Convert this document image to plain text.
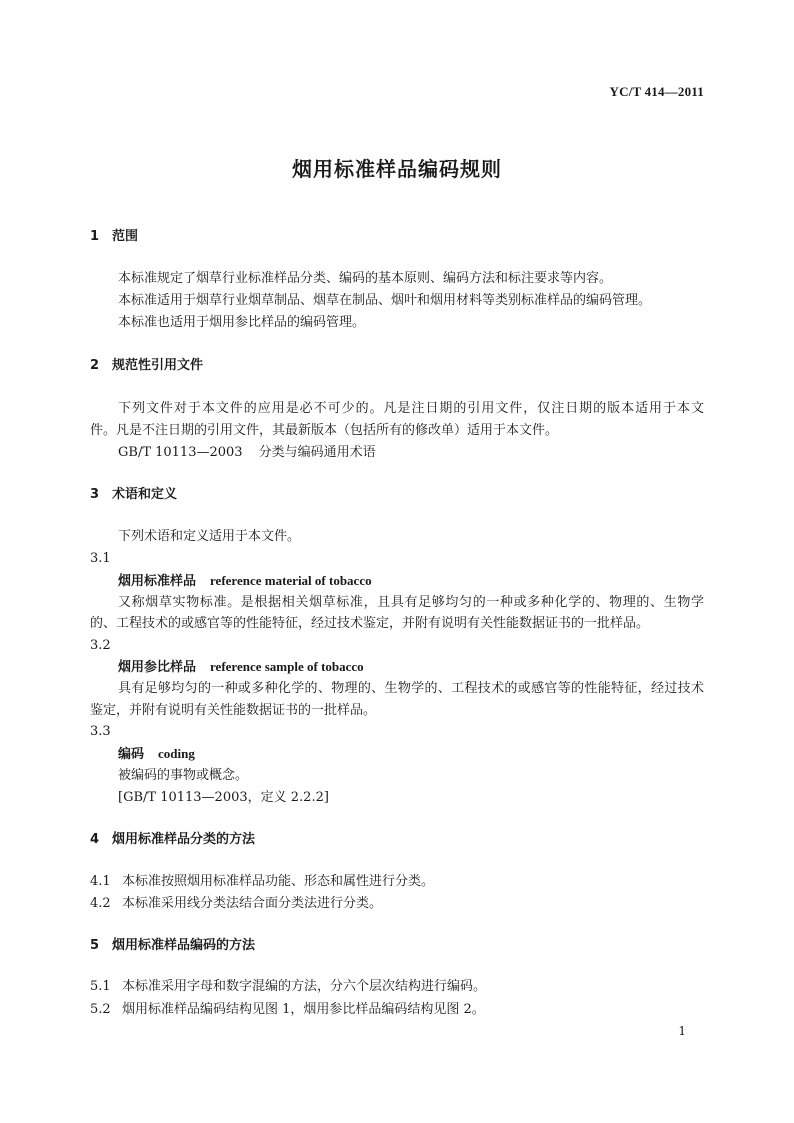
YC/T 414—2011
烟用标准样品编码规则
1 范围
本标准规定了烟草行业标准样品分类、编码的基本原则、编码方法和标注要求等内容。
本标准适用于烟草行业烟草制品、烟草在制品、烟叶和烟用材料等类别标准样品的编码管理。
本标准也适用于烟用参比样品的编码管理。
2 规范性引用文件
下列文件对于本文件的应用是必不可少的。凡是注日期的引用文件，仅注日期的版本适用于本文
件。凡是不注日期的引用文件，其最新版本（包括所有的修改单）适用于本文件。
GB/T 10113—2003 分类与编码通用术语
3 术语和定义
下列术语和定义适用于本文件。
3.1
烟用标准样品 reference material of tobacco
又称烟草实物标准。是根据相关烟草标准，且具有足够均匀的一种或多种化学的、物理的、生物学
的、工程技术的或感官等的性能特征，经过技术鉴定，并附有说明有关性能数据证书的一批样品。
3.2
烟用参比样品 reference sample of tobacco
具有足够均匀的一种或多种化学的、物理的、生物学的、工程技术的或感官等的性能特征，经过技术
鉴定，并附有说明有关性能数据证书的一批样品。
3.3
编码 coding
被编码的事物或概念。
[GB/T 10113—2003，定义 2.2.2]
4 烟用标准样品分类的方法
4.1 本标准按照烟用标准样品功能、形态和属性进行分类。
4.2 本标准采用线分类法结合面分类法进行分类。
5 烟用标准样品编码的方法
5.1 本标准采用字母和数字混编的方法，分六个层次结构进行编码。
5.2 烟用标准样品编码结构见图 1，烟用参比样品编码结构见图 2。
1
